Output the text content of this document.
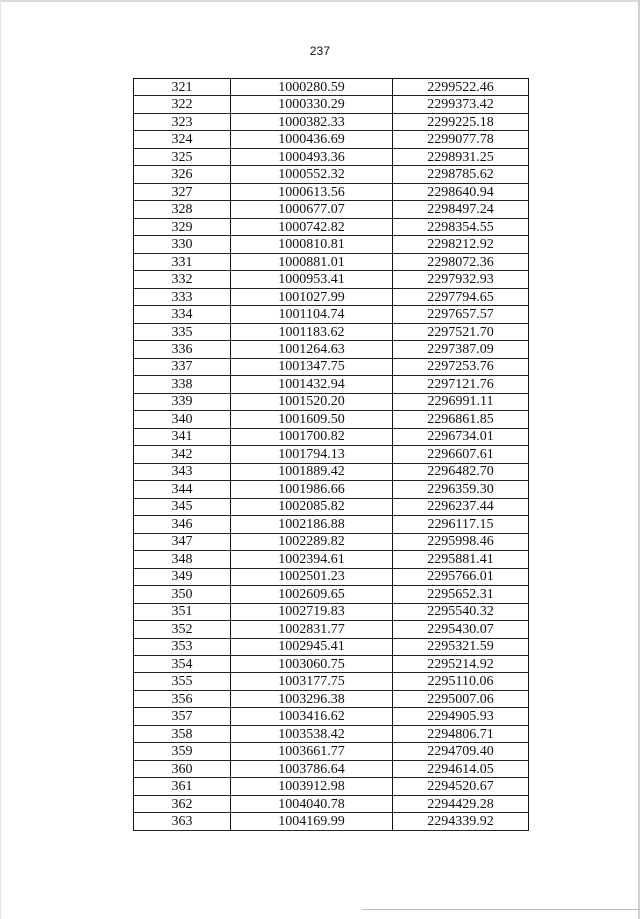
237
321	1000280.59	2299522.46
322	1000330.29	2299373.42
323	1000382.33	2299225.18
324	1000436.69	2299077.78
325	1000493.36	2298931.25
326	1000552.32	2298785.62
327	1000613.56	2298640.94
328	1000677.07	2298497.24
329	1000742.82	2298354.55
330	1000810.81	2298212.92
331	1000881.01	2298072.36
332	1000953.41	2297932.93
333	1001027.99	2297794.65
334	1001104.74	2297657.57
335	1001183.62	2297521.70
336	1001264.63	2297387.09
337	1001347.75	2297253.76
338	1001432.94	2297121.76
339	1001520.20	2296991.11
340	1001609.50	2296861.85
341	1001700.82	2296734.01
342	1001794.13	2296607.61
343	1001889.42	2296482.70
344	1001986.66	2296359.30
345	1002085.82	2296237.44
346	1002186.88	2296117.15
347	1002289.82	2295998.46
348	1002394.61	2295881.41
349	1002501.23	2295766.01
350	1002609.65	2295652.31
351	1002719.83	2295540.32
352	1002831.77	2295430.07
353	1002945.41	2295321.59
354	1003060.75	2295214.92
355	1003177.75	2295110.06
356	1003296.38	2295007.06
357	1003416.62	2294905.93
358	1003538.42	2294806.71
359	1003661.77	2294709.40
360	1003786.64	2294614.05
361	1003912.98	2294520.67
362	1004040.78	2294429.28
363	1004169.99	2294339.92
